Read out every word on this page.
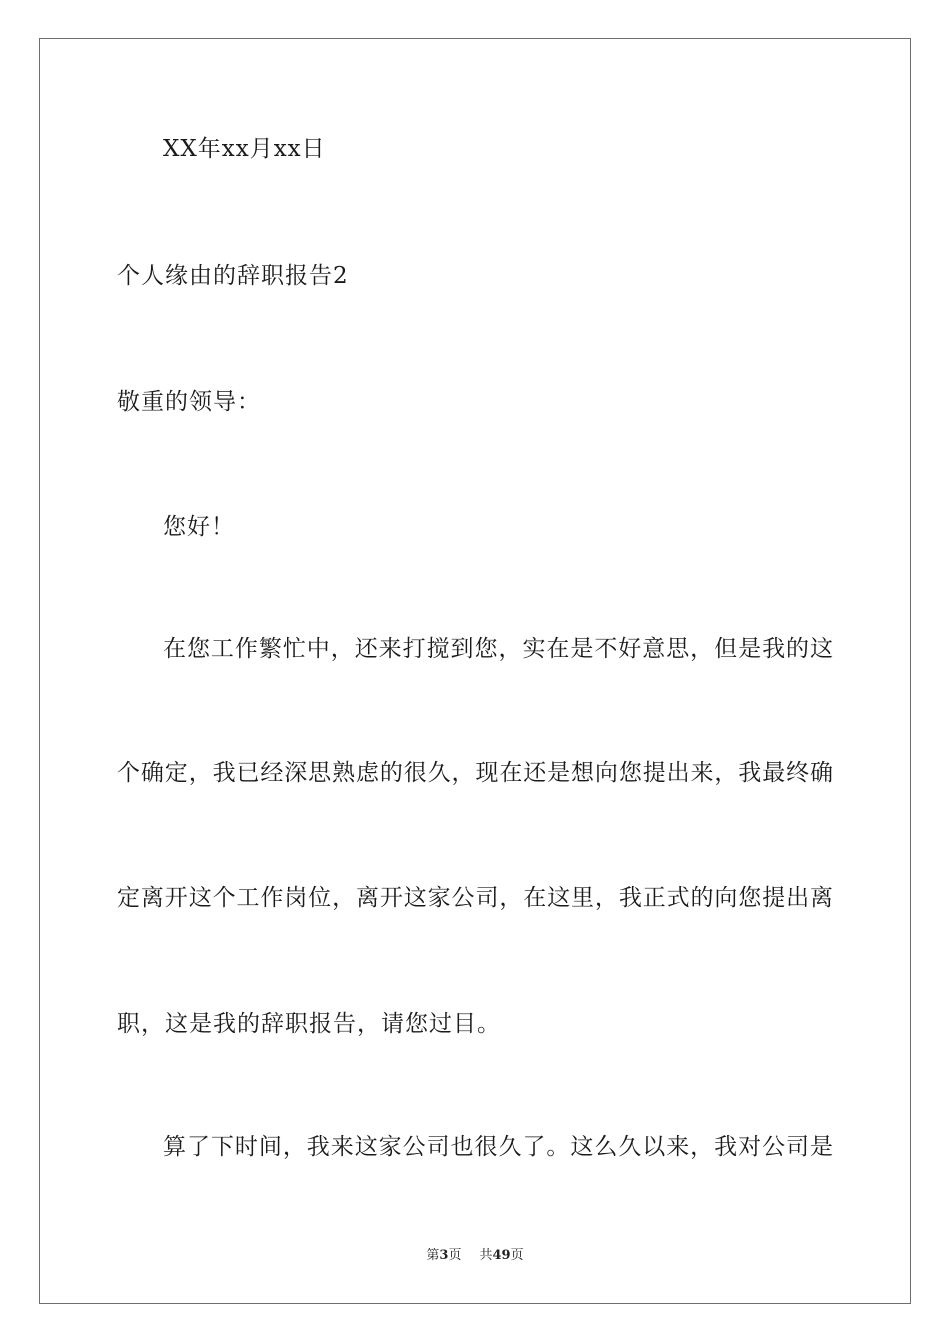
XX年xx月xx日
个人缘由的辞职报告2
敬重的领导：
您好！
在您工作繁忙中，还来打搅到您，实在是不好意思，但是我的这
个确定，我已经深思熟虑的很久，现在还是想向您提出来，我最终确
定离开这个工作岗位，离开这家公司，在这里，我正式的向您提出离
职，这是我的辞职报告，请您过目。
算了下时间，我来这家公司也很久了。这么久以来，我对公司是
第3页 共49页
